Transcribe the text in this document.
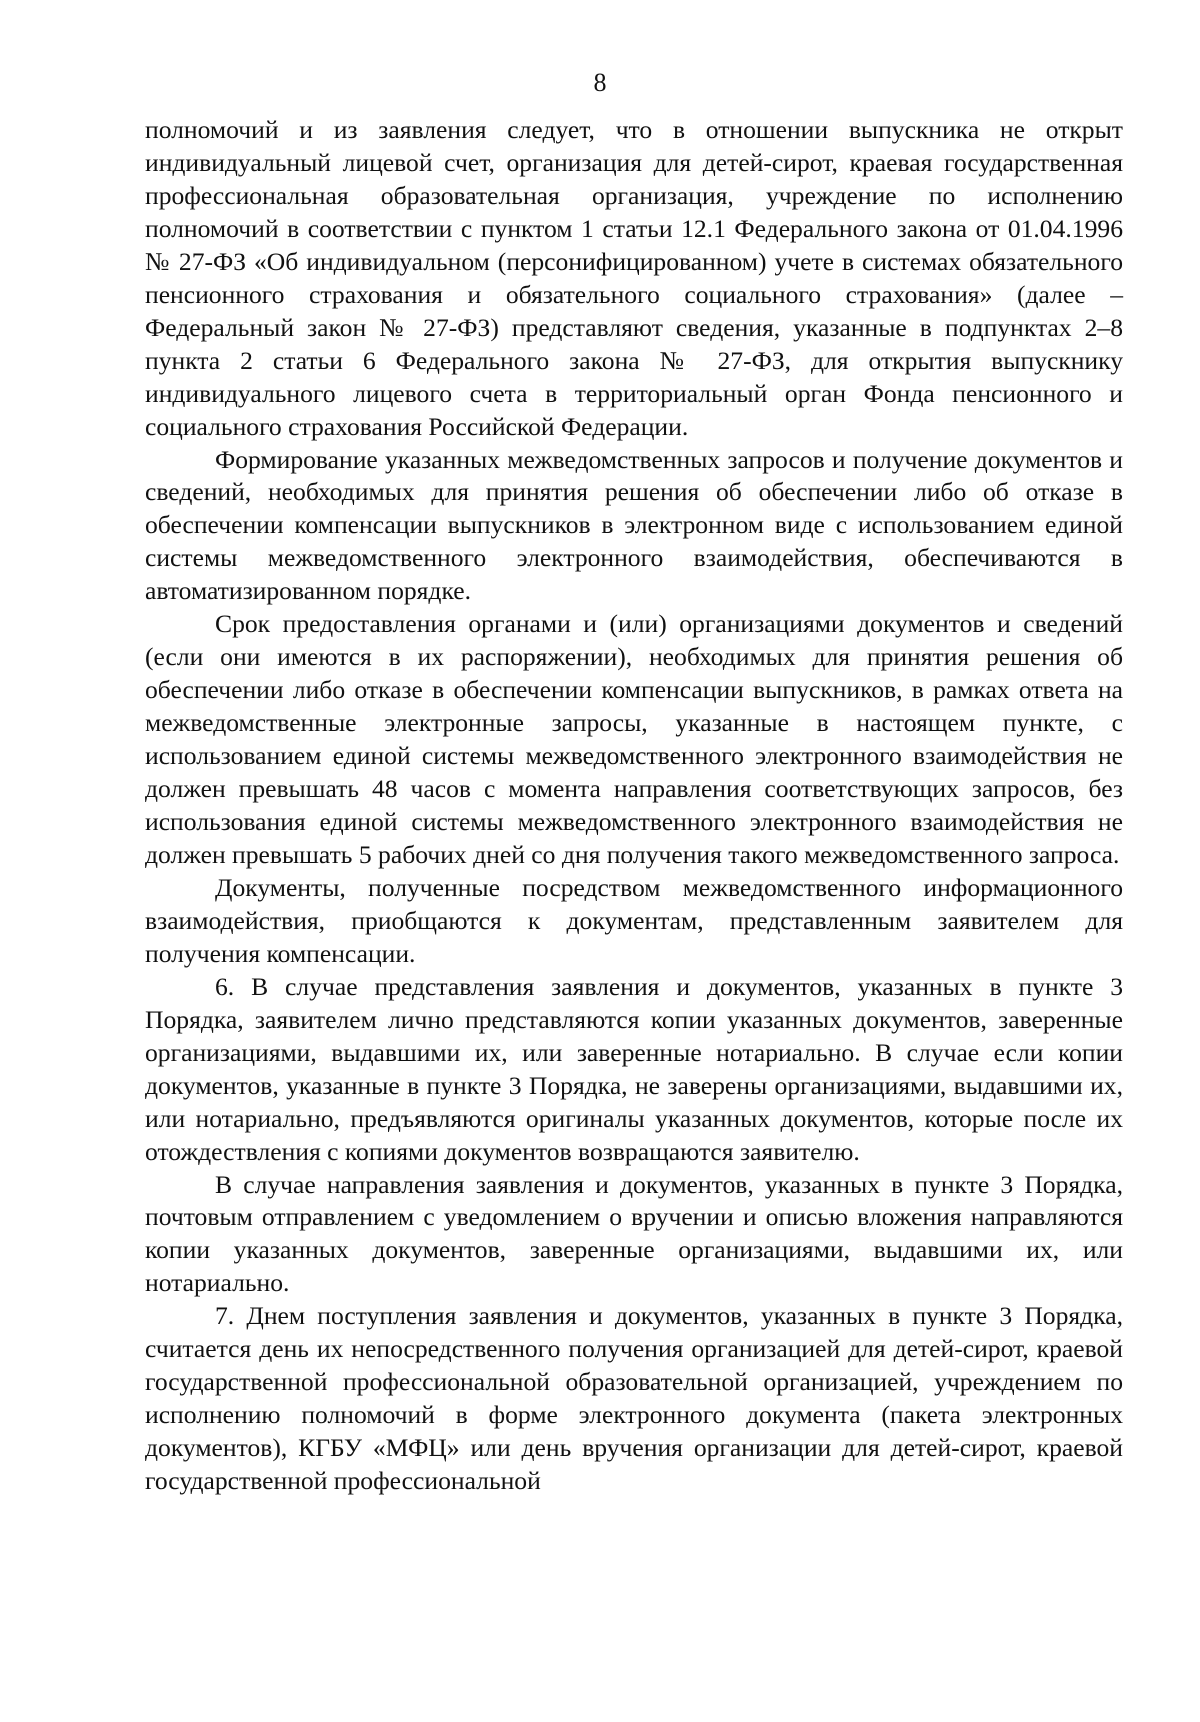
8

полномочий и из заявления следует, что в отношении выпускника не открыт индивидуальный лицевой счет, организация для детей-сирот, краевая государственная профессиональная образовательная организация, учреждение по исполнению полномочий в соответствии с пунктом 1 статьи 12.1 Федерального закона от 01.04.1996 № 27-ФЗ «Об индивидуальном (персонифицированном) учете в системах обязательного пенсионного страхования и обязательного социального страхования» (далее – Федеральный закон № 27-ФЗ) представляют сведения, указанные в подпунктах 2–8 пункта 2 статьи 6 Федерального закона № 27-ФЗ, для открытия выпускнику индивидуального лицевого счета в территориальный орган Фонда пенсионного и социального страхования Российской Федерации.

Формирование указанных межведомственных запросов и получение документов и сведений, необходимых для принятия решения об обеспечении либо об отказе в обеспечении компенсации выпускников в электронном виде с использованием единой системы межведомственного электронного взаимодействия, обеспечиваются в автоматизированном порядке.

Срок предоставления органами и (или) организациями документов и сведений (если они имеются в их распоряжении), необходимых для принятия решения об обеспечении либо отказе в обеспечении компенсации выпускников, в рамках ответа на межведомственные электронные запросы, указанные в настоящем пункте, с использованием единой системы межведомственного электронного взаимодействия не должен превышать 48 часов с момента направления соответствующих запросов, без использования единой системы межведомственного электронного взаимодействия не должен превышать 5 рабочих дней со дня получения такого межведомственного запроса.

Документы, полученные посредством межведомственного информационного взаимодействия, приобщаются к документам, представленным заявителем для получения компенсации.

6. В случае представления заявления и документов, указанных в пункте 3 Порядка, заявителем лично представляются копии указанных документов, заверенные организациями, выдавшими их, или заверенные нотариально. В случае если копии документов, указанные в пункте 3 Порядка, не заверены организациями, выдавшими их, или нотариально, предъявляются оригиналы указанных документов, которые после их отождествления с копиями документов возвращаются заявителю.

В случае направления заявления и документов, указанных в пункте 3 Порядка, почтовым отправлением с уведомлением о вручении и описью вложения направляются копии указанных документов, заверенные организациями, выдавшими их, или нотариально.

7. Днем поступления заявления и документов, указанных в пункте 3 Порядка, считается день их непосредственного получения организацией для детей-сирот, краевой государственной профессиональной образовательной организацией, учреждением по исполнению полномочий в форме электронного документа (пакета электронных документов), КГБУ «МФЦ» или день вручения организации для детей-сирот, краевой государственной профессиональной
